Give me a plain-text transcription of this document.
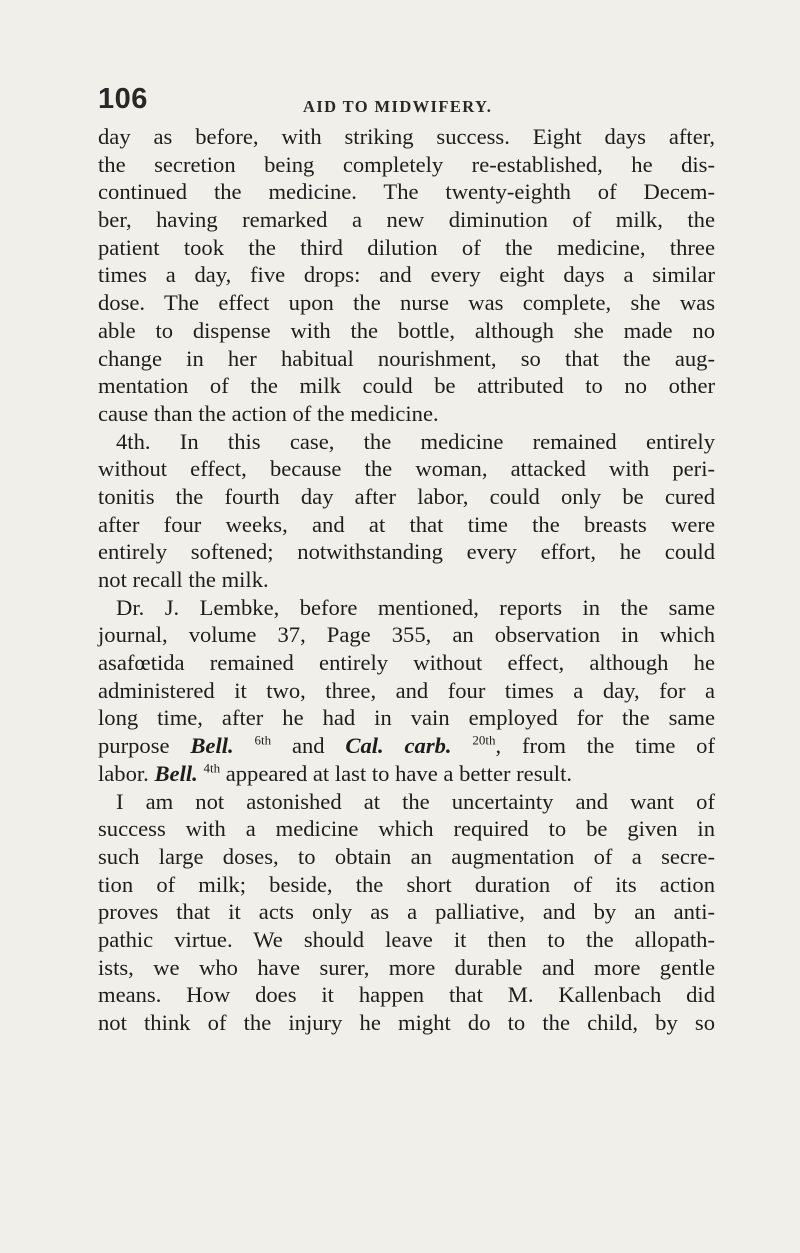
106	AID TO MIDWIFERY.
day as before, with striking success. Eight days after,
the secretion being completely re-established, he dis-
continued the medicine. The twenty-eighth of Decem-
ber, having remarked a new diminution of milk, the
patient took the third dilution of the medicine, three
times a day, five drops: and every eight days a similar
dose. The effect upon the nurse was complete, she was
able to dispense with the bottle, although she made no
change in her habitual nourishment, so that the aug-
mentation of the milk could be attributed to no other
cause than the action of the medicine.
4th. In this case, the medicine remained entirely
without effect, because the woman, attacked with peri-
tonitis the fourth day after labor, could only be cured
after four weeks, and at that time the breasts were
entirely softened; notwithstanding every effort, he could
not recall the milk.
Dr. J. Lembke, before mentioned, reports in the same
journal, volume 37, Page 355, an observation in which
asafœtida remained entirely without effect, although he
administered it two, three, and four times a day, for a
long time, after he had in vain employed for the same
purpose Bell. $^{6th}$ and Cal. carb. $^{20th}$, from the time of
labor. Bell. $^{4th}$ appeared at last to have a better result.
I am not astonished at the uncertainty and want of
success with a medicine which required to be given in
such large doses, to obtain an augmentation of a secre-
tion of milk; beside, the short duration of its action
proves that it acts only as a palliative, and by an anti-
pathic virtue. We should leave it then to the allopath-
ists, we who have surer, more durable and more gentle
means. How does it happen that M. Kallenbach did
not think of the injury he might do to the child, by so
